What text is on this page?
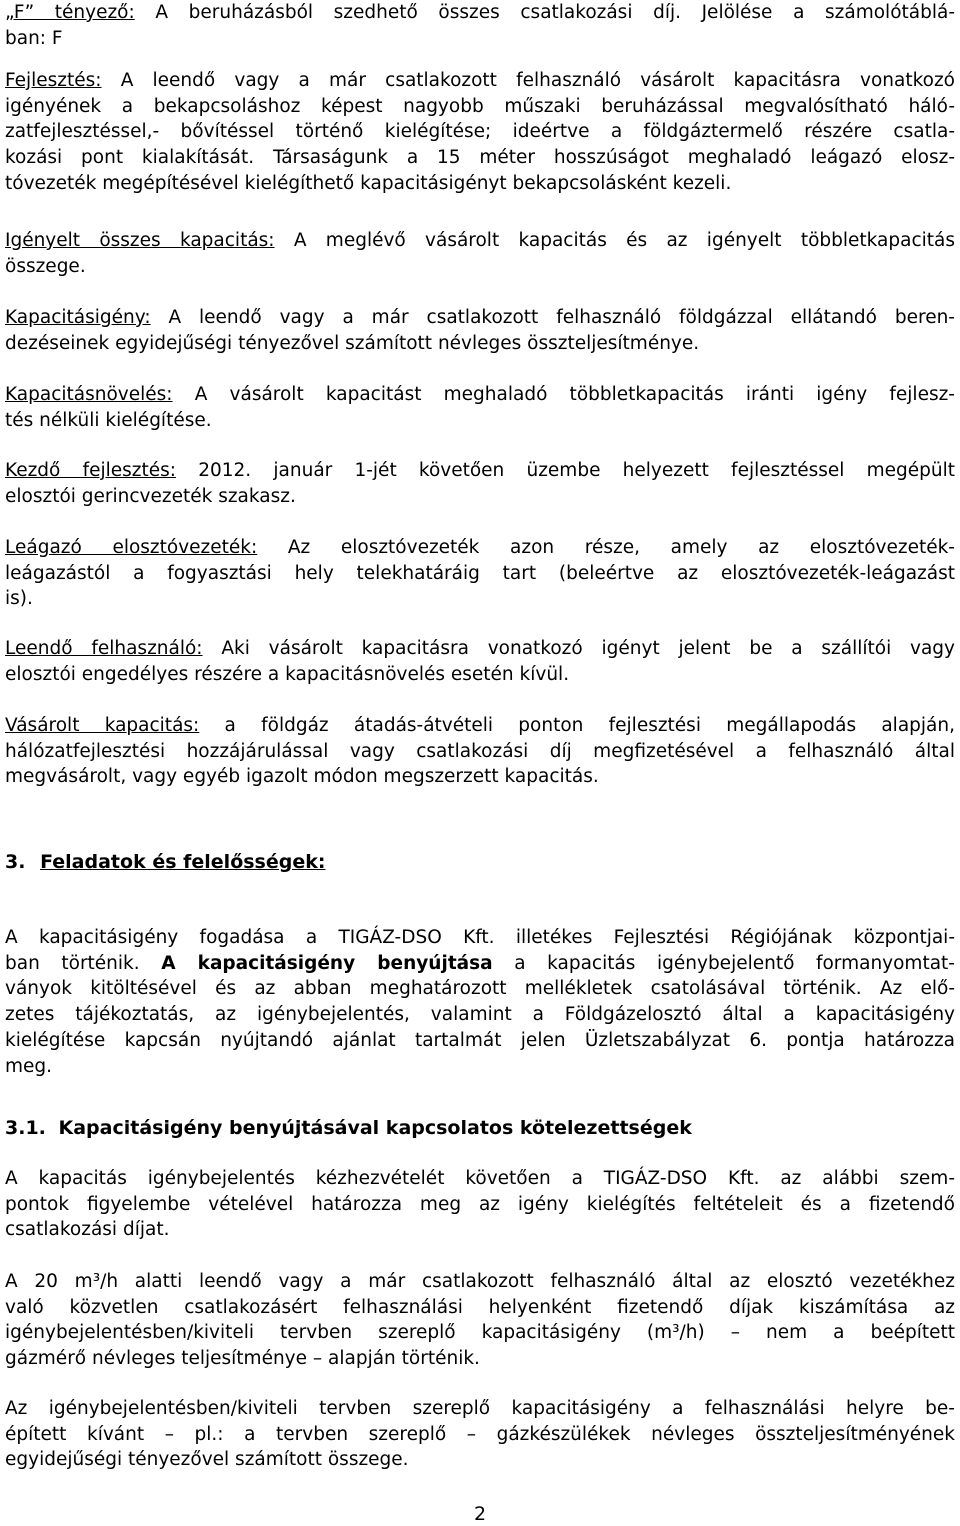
„F” tényező: A beruházásból szedhető összes csatlakozási díj. Jelölése a számolótáblá-
ban: F
Fejlesztés: A leendő vagy a már csatlakozott felhasználó vásárolt kapacitásra vonatkozó
igényének a bekapcsoláshoz képest nagyobb műszaki beruházással megvalósítható háló-
zatfejlesztéssel,- bővítéssel történő kielégítése; ideértve a földgáztermelő részére csatla-
kozási pont kialakítását. Társaságunk a 15 méter hosszúságot meghaladó leágazó elosz-
tóvezeték megépítésével kielégíthető kapacitásigényt bekapcsolásként kezeli.
Igényelt összes kapacitás: A meglévő vásárolt kapacitás és az igényelt többletkapacitás
összege.
Kapacitásigény: A leendő vagy a már csatlakozott felhasználó földgázzal ellátandó beren-
dezéseinek egyidejűségi tényezővel számított névleges összteljesítménye.
Kapacitásnövelés: A vásárolt kapacitást meghaladó többletkapacitás iránti igény fejlesz-
tés nélküli kielégítése.
Kezdő fejlesztés: 2012. január 1-jét követően üzembe helyezett fejlesztéssel megépült
elosztói gerincvezeték szakasz.
Leágazó elosztóvezeték: Az elosztóvezeték azon része, amely az elosztóvezeték-
leágazástól a fogyasztási hely telekhatáráig tart (beleértve az elosztóvezeték-leágazást
is).
Leendő felhasználó: Aki vásárolt kapacitásra vonatkozó igényt jelent be a szállítói vagy
elosztói engedélyes részére a kapacitásnövelés esetén kívül.
Vásárolt kapacitás: a földgáz átadás-átvételi ponton fejlesztési megállapodás alapján,
hálózatfejlesztési hozzájárulással vagy csatlakozási díj megfizetésével a felhasználó által
megvásárolt, vagy egyéb igazolt módon megszerzett kapacitás.
3. Feladatok és felelősségek:
A kapacitásigény fogadása a TIGÁZ-DSO Kft. illetékes Fejlesztési Régiójának központjai-
ban történik. A kapacitásigény benyújtása a kapacitás igénybejelentő formanyomtat-
ványok kitöltésével és az abban meghatározott mellékletek csatolásával történik. Az elő-
zetes tájékoztatás, az igénybejelentés, valamint a Földgázelosztó által a kapacitásigény
kielégítése kapcsán nyújtandó ajánlat tartalmát jelen Üzletszabályzat 6. pontja határozza
meg.
3.1. Kapacitásigény benyújtásával kapcsolatos kötelezettségek
A kapacitás igénybejelentés kézhezvételét követően a TIGÁZ-DSO Kft. az alábbi szem-
pontok figyelembe vételével határozza meg az igény kielégítés feltételeit és a fizetendő
csatlakozási díjat.
A 20 m³/h alatti leendő vagy a már csatlakozott felhasználó által az elosztó vezetékhez
való közvetlen csatlakozásért felhasználási helyenként fizetendő díjak kiszámítása az
igénybejelentésben/kiviteli tervben szereplő kapacitásigény (m³/h) – nem a beépített
gázmérő névleges teljesítménye – alapján történik.
Az igénybejelentésben/kiviteli tervben szereplő kapacitásigény a felhasználási helyre be-
épített kívánt – pl.: a tervben szereplő – gázkészülékek névleges összteljesítményének
egyidejűségi tényezővel számított összege.
2
